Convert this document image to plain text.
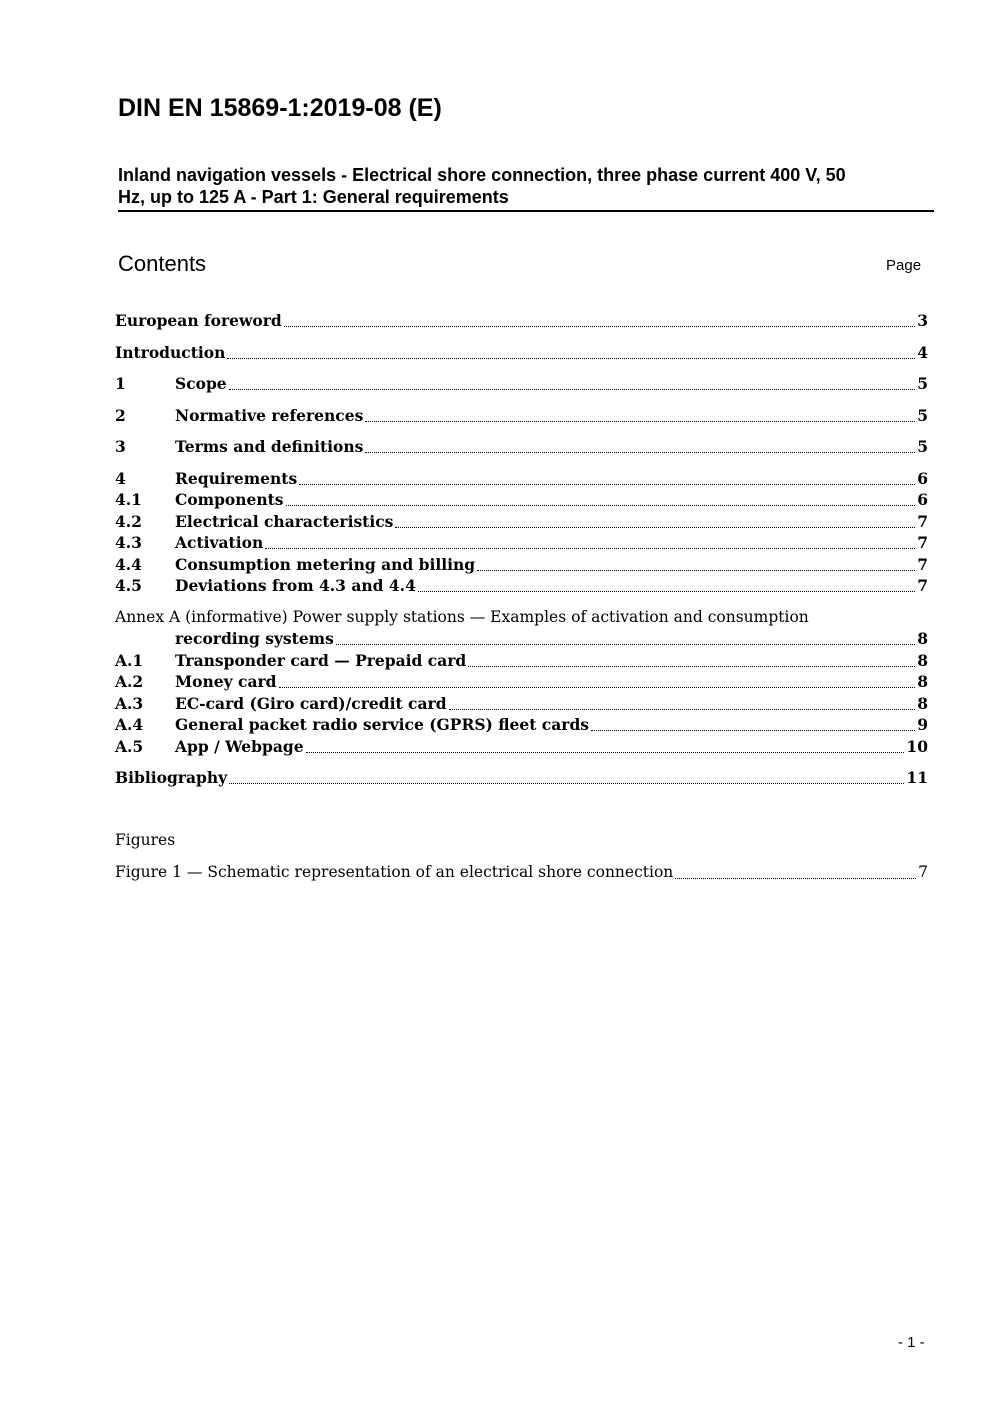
DIN EN 15869-1:2019-08 (E)
Inland navigation vessels - Electrical shore connection, three phase current 400 V, 50
Hz, up to 125 A - Part 1: General requirements
Contents	Page
European foreword	3
Introduction	4
1	Scope	5
2	Normative references	5
3	Terms and definitions	5
4	Requirements	6
4.1	Components	6
4.2	Electrical characteristics	7
4.3	Activation	7
4.4	Consumption metering and billing	7
4.5	Deviations from 4.3 and 4.4	7
Annex A (informative) Power supply stations — Examples of activation and consumption
recording systems	8
A.1	Transponder card — Prepaid card	8
A.2	Money card	8
A.3	EC-card (Giro card)/credit card	8
A.4	General packet radio service (GPRS) fleet cards	9
A.5	App / Webpage	10
Bibliography	11
Figures
Figure 1 — Schematic representation of an electrical shore connection	7
- 1 -
